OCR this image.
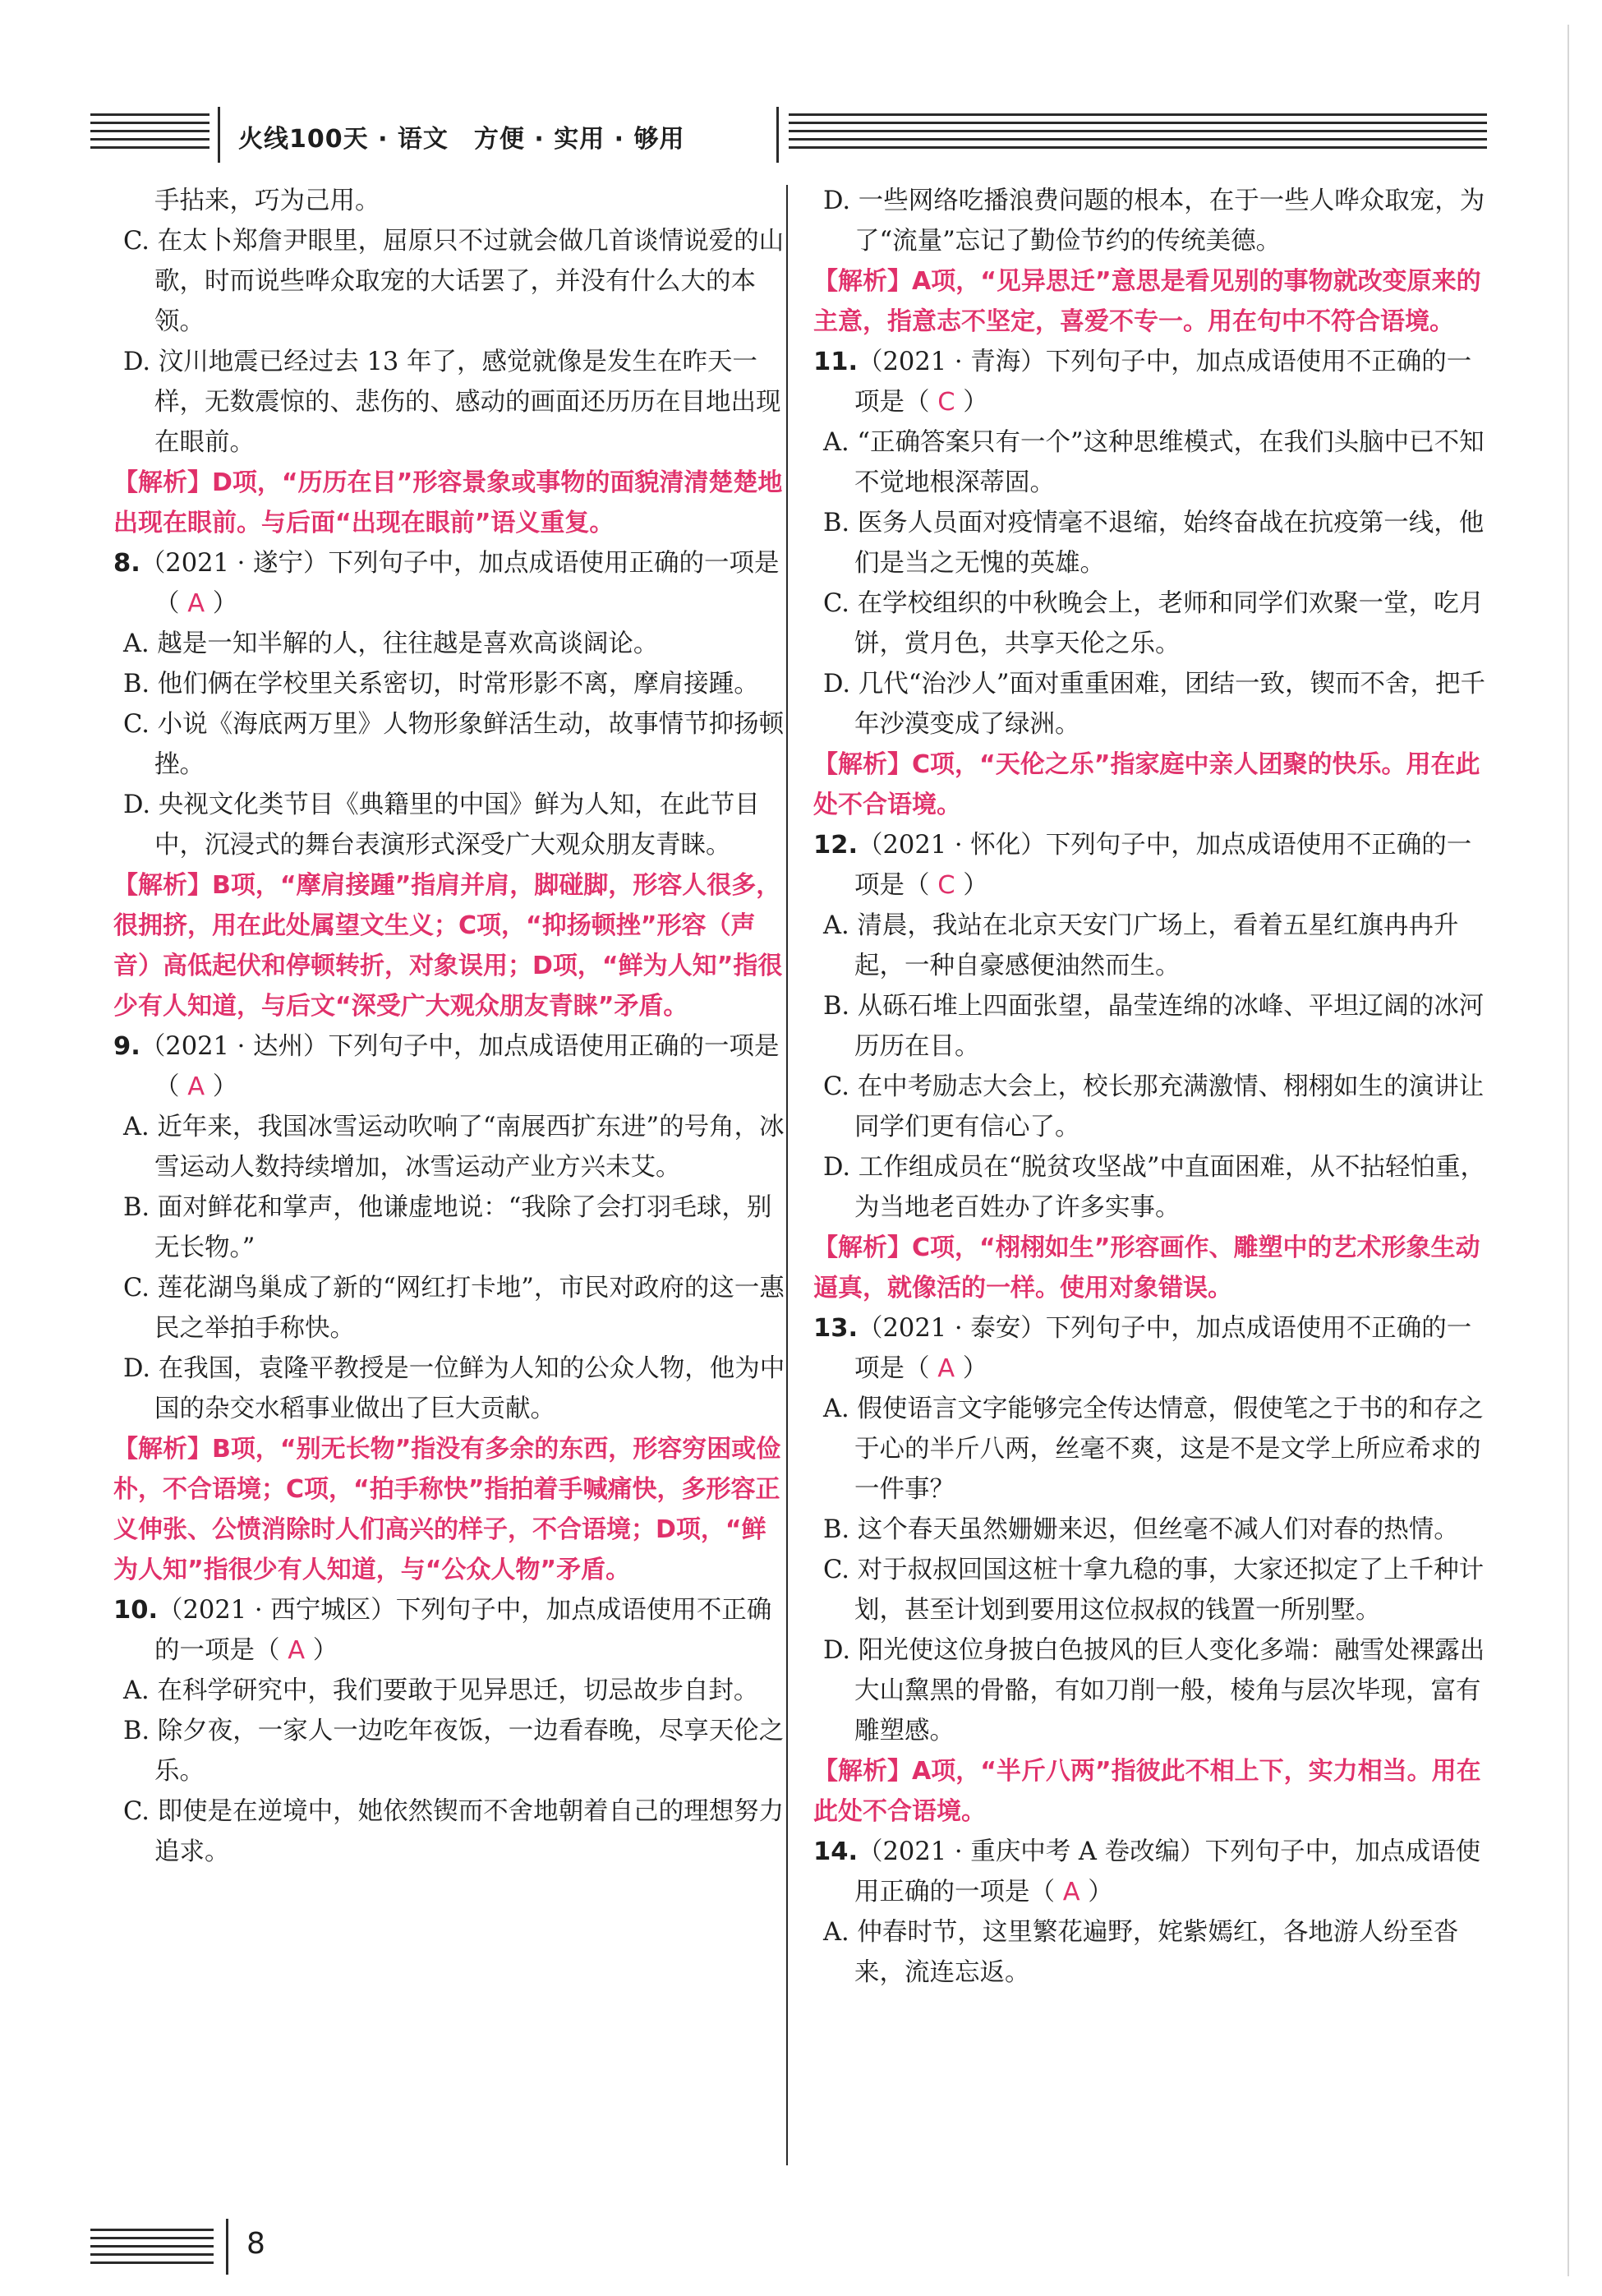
火线100天 · 语文　方便 · 实用 · 够用

手拈来，巧为己用。

C. 在太卜郑詹尹眼里，屈原只不过就会做几首谈情说爱的山歌，时而说些哗众取宠的大话罢了，并没有什么大的本领。

D. 汶川地震已经过去 13 年了，感觉就像是发生在昨天一样，无数震惊的、悲伤的、感动的画面还历历在目地出现在眼前。

【解析】D项，“历历在目”形容景象或事物的面貌清清楚楚地出现在眼前。与后面“出现在眼前”语义重复。

8.（2021 · 遂宁）下列句子中，加点成语使用正确的一项是（ A ）

A. 越是一知半解的人，往往越是喜欢高谈阔论。

B. 他们俩在学校里关系密切，时常形影不离，摩肩接踵。

C. 小说《海底两万里》人物形象鲜活生动，故事情节抑扬顿挫。

D. 央视文化类节目《典籍里的中国》鲜为人知，在此节目中，沉浸式的舞台表演形式深受广大观众朋友青睐。

【解析】B项，“摩肩接踵”指肩并肩，脚碰脚，形容人很多，很拥挤，用在此处属望文生义；C项，“抑扬顿挫”形容（声音）高低起伏和停顿转折，对象误用；D项，“鲜为人知”指很少有人知道，与后文“深受广大观众朋友青睐”矛盾。

9.（2021 · 达州）下列句子中，加点成语使用正确的一项是（ A ）

A. 近年来，我国冰雪运动吹响了“南展西扩东进”的号角，冰雪运动人数持续增加，冰雪运动产业方兴未艾。

B. 面对鲜花和掌声，他谦虚地说：“我除了会打羽毛球，别无长物。”

C. 莲花湖鸟巢成了新的“网红打卡地”，市民对政府的这一惠民之举拍手称快。

D. 在我国，袁隆平教授是一位鲜为人知的公众人物，他为中国的杂交水稻事业做出了巨大贡献。

【解析】B项，“别无长物”指没有多余的东西，形容穷困或俭朴，不合语境；C项，“拍手称快”指拍着手喊痛快，多形容正义伸张、公愤消除时人们高兴的样子，不合语境；D项，“鲜为人知”指很少有人知道，与“公众人物”矛盾。

10.（2021 · 西宁城区）下列句子中，加点成语使用不正确的一项是（ A ）

A. 在科学研究中，我们要敢于见异思迁，切忌故步自封。

B. 除夕夜，一家人一边吃年夜饭，一边看春晚，尽享天伦之乐。

C. 即使是在逆境中，她依然锲而不舍地朝着自己的理想努力追求。

D. 一些网络吃播浪费问题的根本，在于一些人哗众取宠，为了“流量”忘记了勤俭节约的传统美德。

【解析】A项，“见异思迁”意思是看见别的事物就改变原来的主意，指意志不坚定，喜爱不专一。用在句中不符合语境。

11.（2021 · 青海）下列句子中，加点成语使用不正确的一项是（ C ）

A. “正确答案只有一个”这种思维模式，在我们头脑中已不知不觉地根深蒂固。

B. 医务人员面对疫情毫不退缩，始终奋战在抗疫第一线，他们是当之无愧的英雄。

C. 在学校组织的中秋晚会上，老师和同学们欢聚一堂，吃月饼，赏月色，共享天伦之乐。

D. 几代“治沙人”面对重重困难，团结一致，锲而不舍，把千年沙漠变成了绿洲。

【解析】C项，“天伦之乐”指家庭中亲人团聚的快乐。用在此处不合语境。

12.（2021 · 怀化）下列句子中，加点成语使用不正确的一项是（ C ）

A. 清晨，我站在北京天安门广场上，看着五星红旗冉冉升起，一种自豪感便油然而生。

B. 从砾石堆上四面张望，晶莹连绵的冰峰、平坦辽阔的冰河历历在目。

C. 在中考励志大会上，校长那充满激情、栩栩如生的演讲让同学们更有信心了。

D. 工作组成员在“脱贫攻坚战”中直面困难，从不拈轻怕重，为当地老百姓办了许多实事。

【解析】C项，“栩栩如生”形容画作、雕塑中的艺术形象生动逼真，就像活的一样。使用对象错误。

13.（2021 · 泰安）下列句子中，加点成语使用不正确的一项是（ A ）

A. 假使语言文字能够完全传达情意，假使笔之于书的和存之于心的半斤八两，丝毫不爽，这是不是文学上所应希求的一件事？

B. 这个春天虽然姗姗来迟，但丝毫不减人们对春的热情。

C. 对于叔叔回国这桩十拿九稳的事，大家还拟定了上千种计划，甚至计划到要用这位叔叔的钱置一所别墅。

D. 阳光使这位身披白色披风的巨人变化多端：融雪处裸露出大山黧黑的骨骼，有如刀削一般，棱角与层次毕现，富有雕塑感。

【解析】A项，“半斤八两”指彼此不相上下，实力相当。用在此处不合语境。

14.（2021 · 重庆中考 A 卷改编）下列句子中，加点成语使用正确的一项是（ A ）

A. 仲春时节，这里繁花遍野，姹紫嫣红，各地游人纷至沓来，流连忘返。

8
